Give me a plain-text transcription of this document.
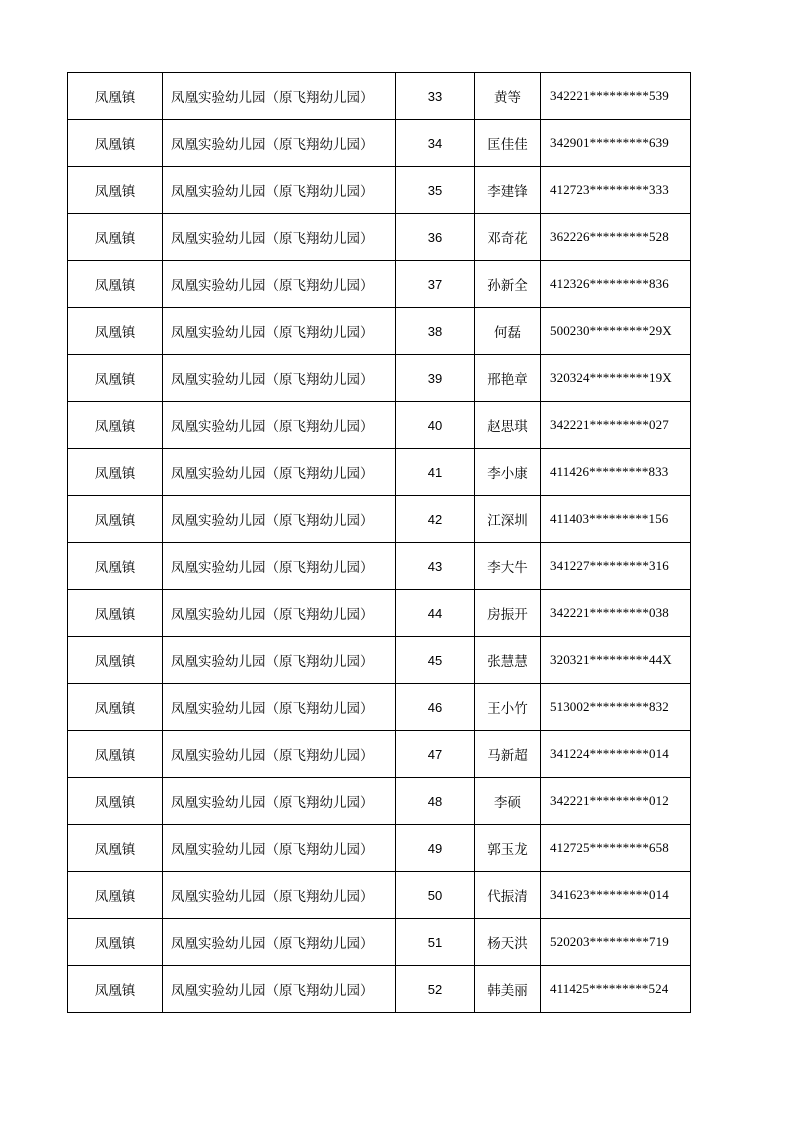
凤凰镇	凤凰实验幼儿园（原飞翔幼儿园）	33	黄等	342221*********539
凤凰镇	凤凰实验幼儿园（原飞翔幼儿园）	34	匡佳佳	342901*********639
凤凰镇	凤凰实验幼儿园（原飞翔幼儿园）	35	李建锋	412723*********333
凤凰镇	凤凰实验幼儿园（原飞翔幼儿园）	36	邓奇花	362226*********528
凤凰镇	凤凰实验幼儿园（原飞翔幼儿园）	37	孙新全	412326*********836
凤凰镇	凤凰实验幼儿园（原飞翔幼儿园）	38	何磊	500230*********29X
凤凰镇	凤凰实验幼儿园（原飞翔幼儿园）	39	邢艳章	320324*********19X
凤凰镇	凤凰实验幼儿园（原飞翔幼儿园）	40	赵思琪	342221*********027
凤凰镇	凤凰实验幼儿园（原飞翔幼儿园）	41	李小康	411426*********833
凤凰镇	凤凰实验幼儿园（原飞翔幼儿园）	42	江深圳	411403*********156
凤凰镇	凤凰实验幼儿园（原飞翔幼儿园）	43	李大牛	341227*********316
凤凰镇	凤凰实验幼儿园（原飞翔幼儿园）	44	房振开	342221*********038
凤凰镇	凤凰实验幼儿园（原飞翔幼儿园）	45	张慧慧	320321*********44X
凤凰镇	凤凰实验幼儿园（原飞翔幼儿园）	46	王小竹	513002*********832
凤凰镇	凤凰实验幼儿园（原飞翔幼儿园）	47	马新超	341224*********014
凤凰镇	凤凰实验幼儿园（原飞翔幼儿园）	48	李硕	342221*********012
凤凰镇	凤凰实验幼儿园（原飞翔幼儿园）	49	郭玉龙	412725*********658
凤凰镇	凤凰实验幼儿园（原飞翔幼儿园）	50	代振清	341623*********014
凤凰镇	凤凰实验幼儿园（原飞翔幼儿园）	51	杨天洪	520203*********719
凤凰镇	凤凰实验幼儿园（原飞翔幼儿园）	52	韩美丽	411425*********524
